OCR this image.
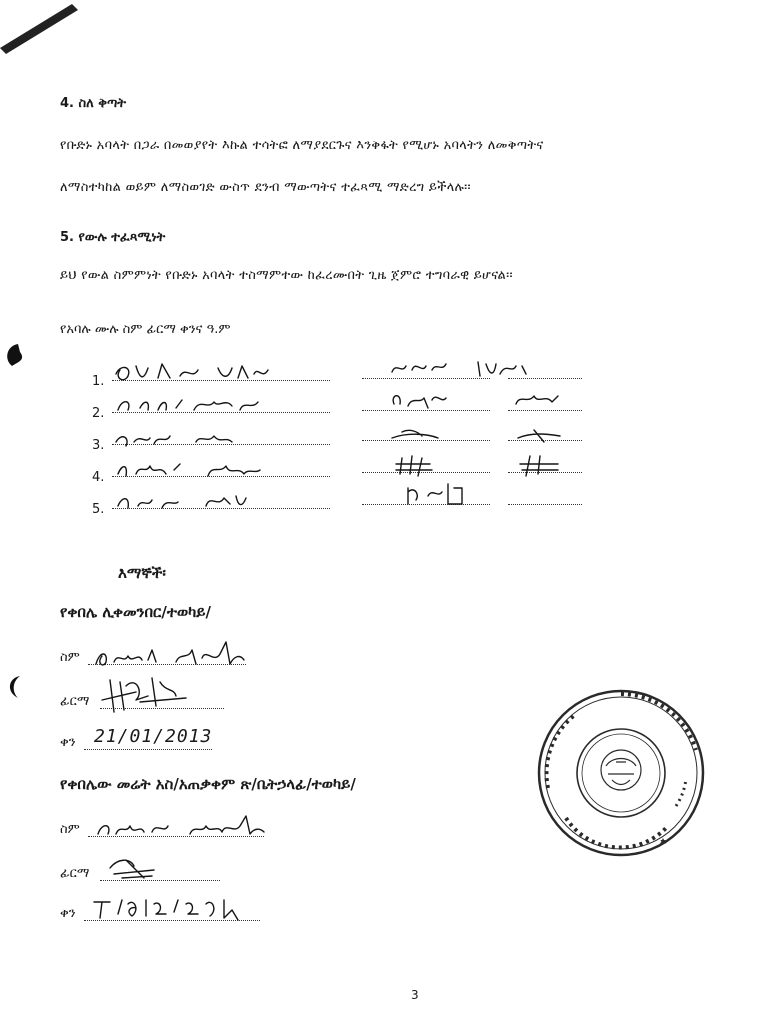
4. ስለ ቅጣት
የቡድኑ አባላት በጋራ በመወያየት እኩል ተሳትፎ ለማያደርጉና እንቅፋት የሚሆኑ አባላትን ለመቅጣትና
ለማስተካከል ወይም ለማስወገድ ውስጥ ደንብ ማውጣትና ተፈጻሚ ማድረግ ይችላሉ፡፡
5. የውሉ ተፈጻሚነት
ይህ የውል ስምምነት የቡድኑ አባላት ተስማምተው ከፈረሙበት ጊዜ ጀምሮ ተግባራዊ ይሆናል፡፡
የአባሉ ሙሉ ስም ፊርማ ቀንና ዓ.ም
1.
2.
3.
4.
5.
እማኞች፡
የቀበሌ ሊቀመንበር/ተወካይ/
ስም
ፊርማ
ቀን 21/01/2013
የቀበሌው መሬት አስ/አጠቃቀም ጽ/ቤትኃላፊ/ተወካይ/
ስም
ፊርማ
ቀን
3
